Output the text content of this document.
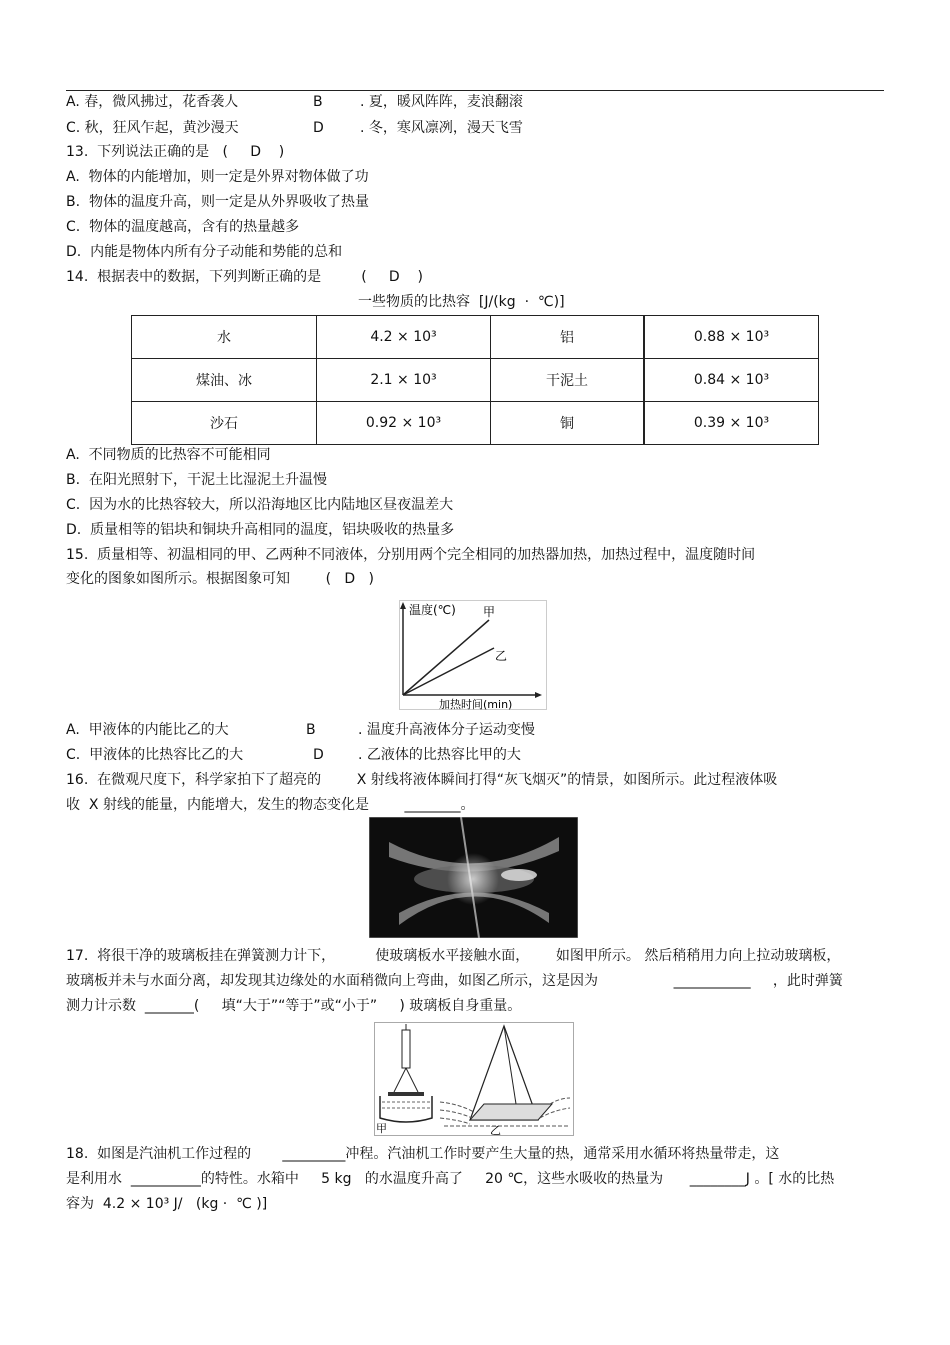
A. 春，微风拂过，花香袭人	B	. 夏，暖风阵阵，麦浪翻滚
C. 秋，狂风乍起，黄沙漫天	D	. 冬，寒风凛冽，漫天飞雪
13.  下列说法正确的是   (     D    )
A.  物体的内能增加，则一定是外界对物体做了功
B.  物体的温度升高，则一定是从外界吸收了热量
C.  物体的温度越高，含有的热量越多
D.  内能是物体内所有分子动能和势能的总和
14.  根据表中的数据，下列判断正确的是         (     D    )
一些物质的比热容  [J/(kg  ·  ℃)]
水	4.2 × 10³	铝	0.88 × 10³
煤油、冰	2.1 × 10³	干泥土	0.84 × 10³
沙石	0.92 × 10³	铜	0.39 × 10³
A.  不同物质的比热容不可能相同
B.  在阳光照射下，干泥土比湿泥土升温慢
C.  因为水的比热容较大，所以沿海地区比内陆地区昼夜温差大
D.  质量相等的铝块和铜块升高相同的温度，铝块吸收的热量多
15.  质量相等、初温相同的甲、乙两种不同液体，分别用两个完全相同的加热器加热，加热过程中，温度随时间
变化的图象如图所示。根据图象可知        (   D   )
温度(℃) 甲
乙
加热时间(min)
A.  甲液体的内能比乙的大	B	. 温度升高液体分子运动变慢
C.  甲液体的比热容比乙的大	D . 乙液体的比热容比甲的大
16.  在微观尺度下，科学家拍下了超亮的        X 射线将液体瞬间打得“灰飞烟灭”的情景，如图所示。此过程液体吸
收  X 射线的能量，内能增大，发生的物态变化是        ________。
17.  将很干净的玻璃板挂在弹簧测力计下，         使玻璃板水平接触水面，      如图甲所示。 然后稍稍用力向上拉动玻璃板，
玻璃板并未与水面分离，却发现其边缘处的水面稍微向上弯曲，如图乙所示，这是因为                 ___________     ，此时弹簧
测力计示数  _______(     填“大于”“等于”或“小于”     ) 玻璃板自身重量。
甲	乙
18.  如图是汽油机工作过程的       _________冲程。汽油机工作时要产生大量的热，通常采用水循环将热量带走，这
是利用水  __________的特性。水箱中     5 kg   的水温度升高了     20 ℃，这些水吸收的热量为      ________J 。[ 水的比热
容为  4.2 × 10³ J/   (kg ·  ℃ )]
